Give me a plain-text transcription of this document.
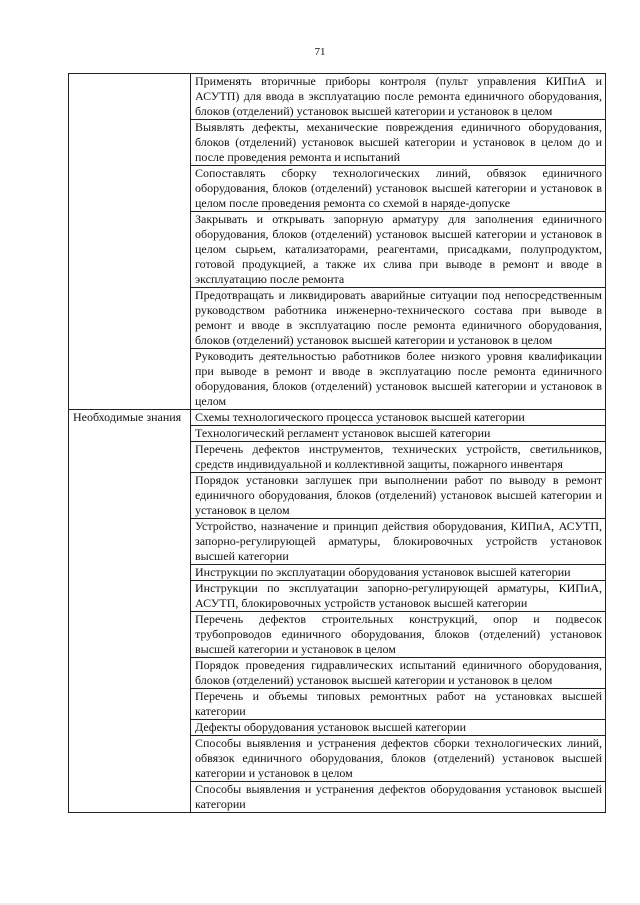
71
	Применять вторичные приборы контроля (пульт управления КИПиА и АСУТП) для ввода в эксплуатацию после ремонта единичного оборудования, блоков (отделений) установок высшей категории и установок в целом
	Выявлять дефекты, механические повреждения единичного оборудования, блоков (отделений) установок высшей категории и установок в целом до и после проведения ремонта и испытаний
	Сопоставлять сборку технологических линий, обвязок единичного оборудования, блоков (отделений) установок высшей категории и установок в целом после проведения ремонта со схемой в наряде-допуске
	Закрывать и открывать запорную арматуру для заполнения единичного оборудования, блоков (отделений) установок высшей категории и установок в целом сырьем, катализаторами, реагентами, присадками, полупродуктом, готовой продукцией, а также их слива при выводе в ремонт и вводе в эксплуатацию после ремонта
	Предотвращать и ликвидировать аварийные ситуации под непосредственным руководством работника инженерно-технического состава при выводе в ремонт и вводе в эксплуатацию после ремонта единичного оборудования, блоков (отделений) установок высшей категории и установок в целом
	Руководить деятельностью работников более низкого уровня квалификации при выводе в ремонт и вводе в эксплуатацию после ремонта единичного оборудования, блоков (отделений) установок высшей категории и установок в целом
Необходимые знания	Схемы технологического процесса установок высшей категории
	Технологический регламент установок высшей категории
	Перечень дефектов инструментов, технических устройств, светильников, средств индивидуальной и коллективной защиты, пожарного инвентаря
	Порядок установки заглушек при выполнении работ по выводу в ремонт единичного оборудования, блоков (отделений) установок высшей категории и установок в целом
	Устройство, назначение и принцип действия оборудования, КИПиА, АСУТП, запорно-регулирующей арматуры, блокировочных устройств установок высшей категории
	Инструкции по эксплуатации оборудования установок высшей категории
	Инструкции по эксплуатации запорно-регулирующей арматуры, КИПиА, АСУТП, блокировочных устройств установок высшей категории
	Перечень дефектов строительных конструкций, опор и подвесок трубопроводов единичного оборудования, блоков (отделений) установок высшей категории и установок в целом
	Порядок проведения гидравлических испытаний единичного оборудования, блоков (отделений) установок высшей категории и установок в целом
	Перечень и объемы типовых ремонтных работ на установках высшей категории
	Дефекты оборудования установок высшей категории
	Способы выявления и устранения дефектов сборки технологических линий, обвязок единичного оборудования, блоков (отделений) установок высшей категории и установок в целом
	Способы выявления и устранения дефектов оборудования установок высшей категории
